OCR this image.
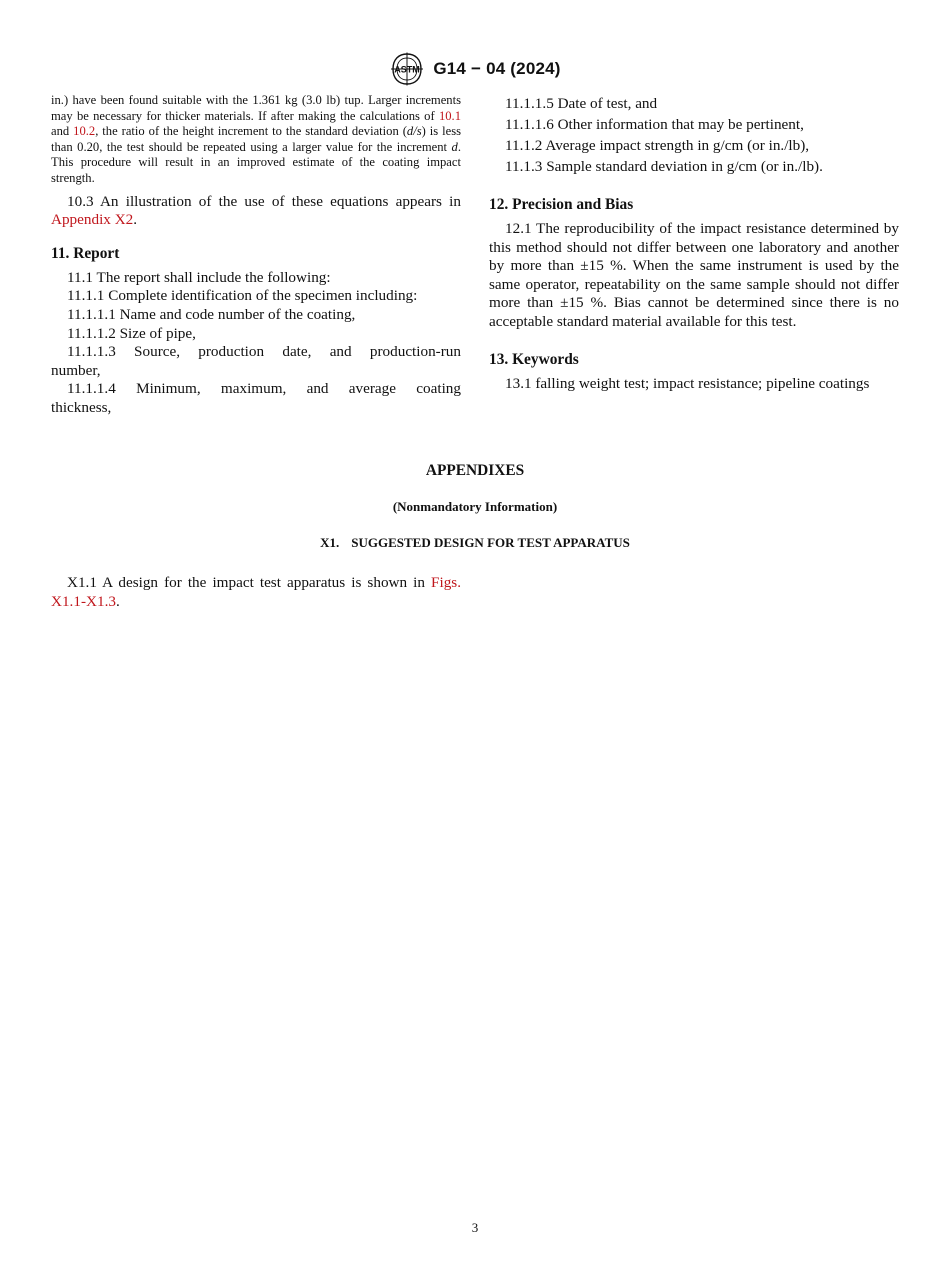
ASTM G14 − 04 (2024)

in.) have been found suitable with the 1.361 kg (3.0 lb) tup. Larger increments may be necessary for thicker materials. If after making the calculations of 10.1 and 10.2, the ratio of the height increment to the standard deviation (d/s) is less than 0.20, the test should be repeated using a larger value for the increment d. This procedure will result in an improved estimate of the coating impact strength.

10.3 An illustration of the use of these equations appears in Appendix X2.

11. Report

11.1 The report shall include the following:

11.1.1 Complete identification of the specimen including:

11.1.1.1 Name and code number of the coating,

11.1.1.2 Size of pipe,

11.1.1.3 Source, production date, and production-run

number,

11.1.1.4 Minimum, maximum, and average coating

thickness,

11.1.1.5 Date of test, and

11.1.1.6 Other information that may be pertinent,

11.1.2 Average impact strength in g/cm (or in./lb),

11.1.3 Sample standard deviation in g/cm (or in./lb).

12. Precision and Bias

12.1 The reproducibility of the impact resistance determined by this method should not differ between one laboratory and another by more than ±15 %. When the same instrument is used by the same operator, repeatability on the same sample should not differ more than ±15 %. Bias cannot be determined since there is no acceptable standard material available for this test.

13. Keywords

13.1 falling weight test; impact resistance; pipeline coatings

APPENDIXES
(Nonmandatory Information)
X1. SUGGESTED DESIGN FOR TEST APPARATUS

X1.1 A design for the impact test apparatus is shown in Figs. X1.1-X1.3.

3
